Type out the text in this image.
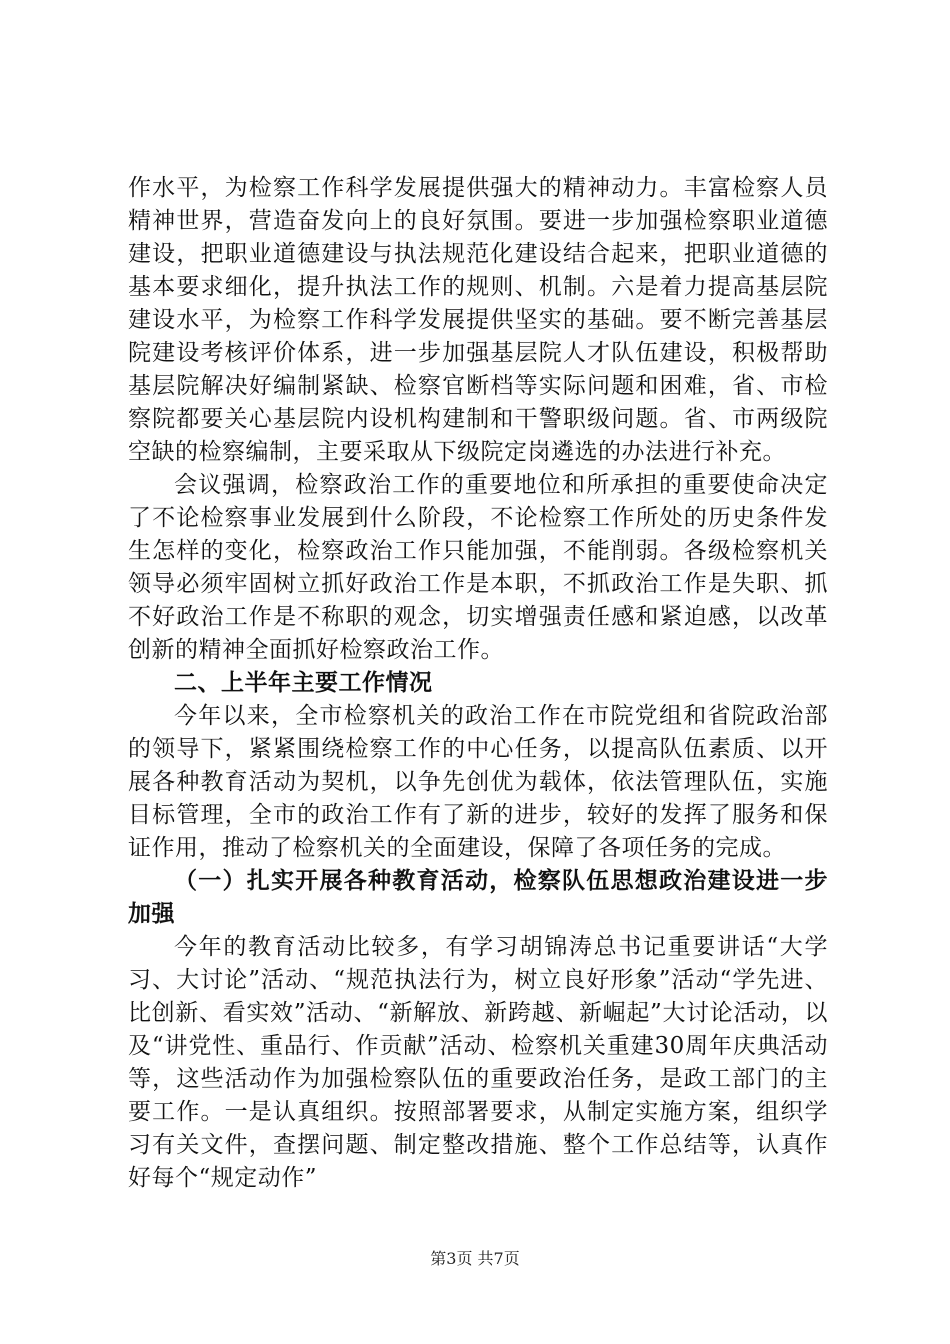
作水平，为检察工作科学发展提供强大的精神动力。丰富检察人员精神世界，营造奋发向上的良好氛围。要进一步加强检察职业道德建设，把职业道德建设与执法规范化建设结合起来，把职业道德的基本要求细化，提升执法工作的规则、机制。六是着力提高基层院建设水平，为检察工作科学发展提供坚实的基础。要不断完善基层院建设考核评价体系，进一步加强基层院人才队伍建设，积极帮助基层院解决好编制紧缺、检察官断档等实际问题和困难，省、市检察院都要关心基层院内设机构建制和干警职级问题。省、市两级院空缺的检察编制，主要采取从下级院定岗遴选的办法进行补充。

会议强调，检察政治工作的重要地位和所承担的重要使命决定了不论检察事业发展到什么阶段，不论检察工作所处的历史条件发生怎样的变化，检察政治工作只能加强，不能削弱。各级检察机关领导必须牢固树立抓好政治工作是本职，不抓政治工作是失职、抓不好政治工作是不称职的观念，切实增强责任感和紧迫感，以改革创新的精神全面抓好检察政治工作。

二、上半年主要工作情况

今年以来，全市检察机关的政治工作在市院党组和省院政治部的领导下，紧紧围绕检察工作的中心任务，以提高队伍素质、以开展各种教育活动为契机，以争先创优为载体，依法管理队伍，实施目标管理，全市的政治工作有了新的进步，较好的发挥了服务和保证作用，推动了检察机关的全面建设，保障了各项任务的完成。

（一）扎实开展各种教育活动，检察队伍思想政治建设进一步加强

今年的教育活动比较多，有学习胡锦涛总书记重要讲话“大学习、大讨论”活动、“规范执法行为，树立良好形象”活动“学先进、比创新、看实效”活动、“新解放、新跨越、新崛起”大讨论活动，以及“讲党性、重品行、作贡献”活动、检察机关重建30周年庆典活动等，这些活动作为加强检察队伍的重要政治任务，是政工部门的主要工作。一是认真组织。按照部署要求，从制定实施方案，组织学习有关文件，查摆问题、制定整改措施、整个工作总结等，认真作好每个“规定动作”

第3页 共7页
